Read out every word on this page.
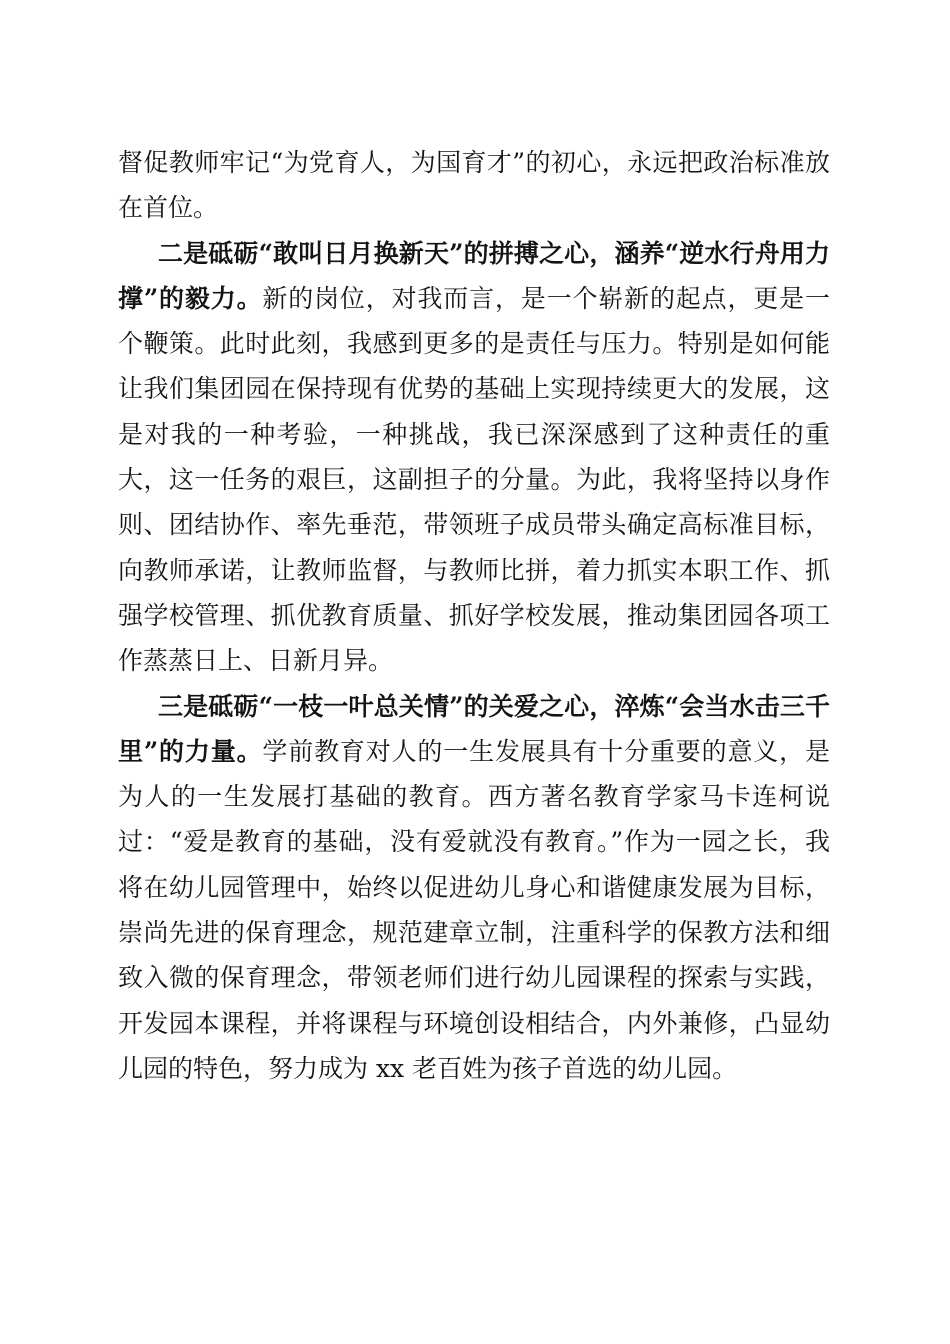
督促教师牢记“为党育人，为国育才”的初心，永远把政治标准放在首位。

二是砥砺“敢叫日月换新天”的拼搏之心，涵养“逆水行舟用力撑”的毅力。新的岗位，对我而言，是一个崭新的起点，更是一个鞭策。此时此刻，我感到更多的是责任与压力。特别是如何能让我们集团园在保持现有优势的基础上实现持续更大的发展，这是对我的一种考验，一种挑战，我已深深感到了这种责任的重大，这一任务的艰巨，这副担子的分量。为此，我将坚持以身作则、团结协作、率先垂范，带领班子成员带头确定高标准目标，向教师承诺，让教师监督，与教师比拼，着力抓实本职工作、抓强学校管理、抓优教育质量、抓好学校发展，推动集团园各项工作蒸蒸日上、日新月异。

三是砥砺“一枝一叶总关情”的关爱之心，淬炼“会当水击三千里”的力量。学前教育对人的一生发展具有十分重要的意义，是为人的一生发展打基础的教育。西方著名教育学家马卡连柯说过：“爱是教育的基础，没有爱就没有教育。”作为一园之长，我将在幼儿园管理中，始终以促进幼儿身心和谐健康发展为目标，崇尚先进的保育理念，规范建章立制，注重科学的保教方法和细致入微的保育理念，带领老师们进行幼儿园课程的探索与实践，开发园本课程，并将课程与环境创设相结合，内外兼修，凸显幼儿园的特色，努力成为 xx 老百姓为孩子首选的幼儿园。
